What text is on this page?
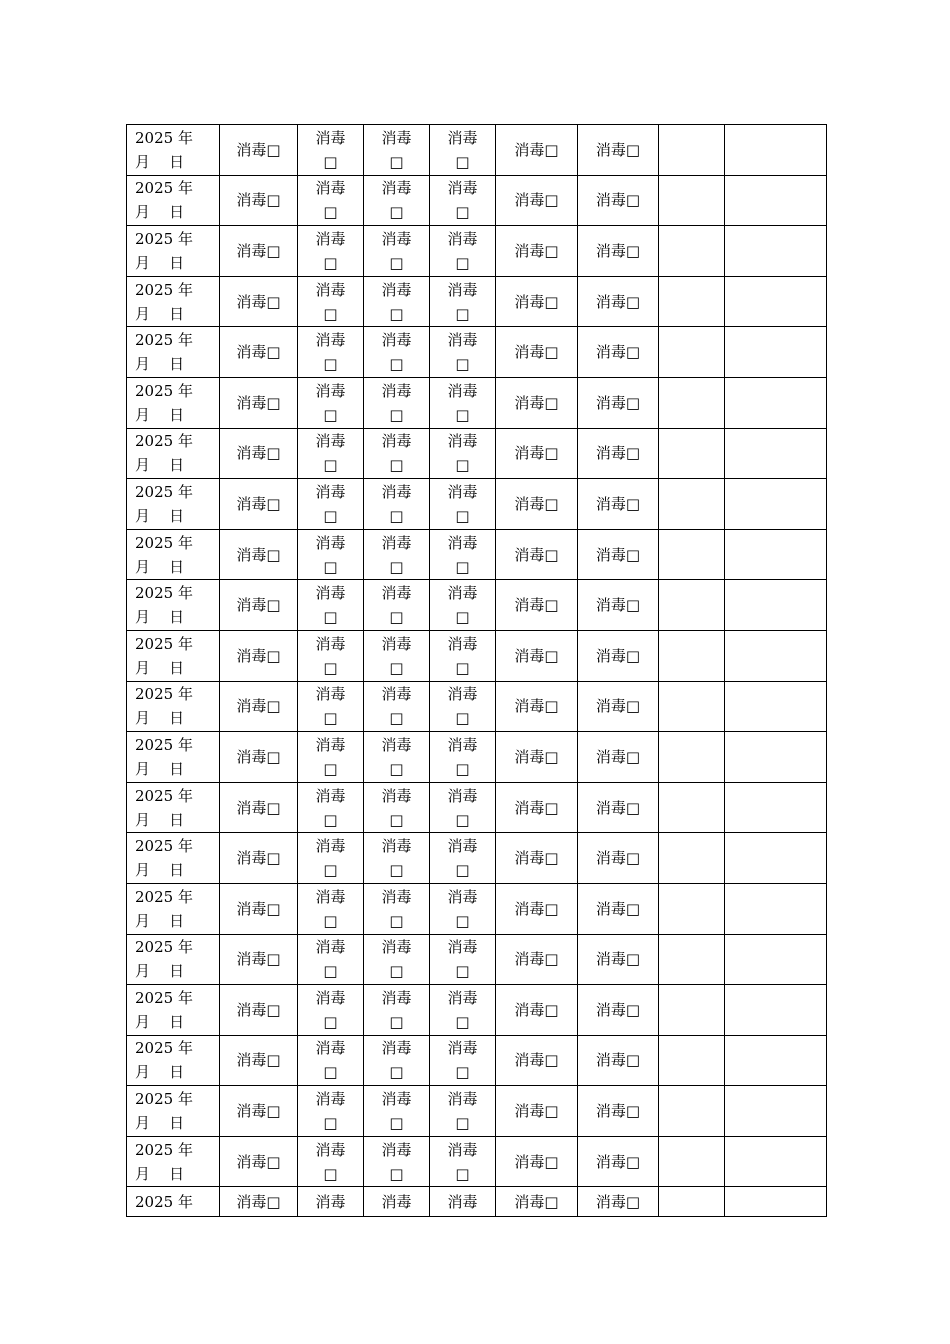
2025 年
月    日	消毒□	消毒□	消毒□	消毒□	消毒□	消毒□		

2025 年
月    日	消毒□	消毒□	消毒□	消毒□	消毒□	消毒□		

2025 年
月    日	消毒□	消毒□	消毒□	消毒□	消毒□	消毒□		

2025 年
月    日	消毒□	消毒□	消毒□	消毒□	消毒□	消毒□		

2025 年
月    日	消毒□	消毒□	消毒□	消毒□	消毒□	消毒□		

2025 年
月    日	消毒□	消毒□	消毒□	消毒□	消毒□	消毒□		

2025 年
月    日	消毒□	消毒□	消毒□	消毒□	消毒□	消毒□		

2025 年
月    日	消毒□	消毒□	消毒□	消毒□	消毒□	消毒□		

2025 年
月    日	消毒□	消毒□	消毒□	消毒□	消毒□	消毒□		

2025 年
月    日	消毒□	消毒□	消毒□	消毒□	消毒□	消毒□		

2025 年
月    日	消毒□	消毒□	消毒□	消毒□	消毒□	消毒□		

2025 年
月    日	消毒□	消毒□	消毒□	消毒□	消毒□	消毒□		

2025 年
月    日	消毒□	消毒□	消毒□	消毒□	消毒□	消毒□		

2025 年
月    日	消毒□	消毒□	消毒□	消毒□	消毒□	消毒□		

2025 年
月    日	消毒□	消毒□	消毒□	消毒□	消毒□	消毒□		

2025 年
月    日	消毒□	消毒□	消毒□	消毒□	消毒□	消毒□		

2025 年
月    日	消毒□	消毒□	消毒□	消毒□	消毒□	消毒□		

2025 年
月    日	消毒□	消毒□	消毒□	消毒□	消毒□	消毒□		

2025 年
月    日	消毒□	消毒□	消毒□	消毒□	消毒□	消毒□		

2025 年
月    日	消毒□	消毒□	消毒□	消毒□	消毒□	消毒□		

2025 年
月    日	消毒□	消毒□	消毒□	消毒□	消毒□	消毒□		

2025 年	消毒□	消毒	消毒	消毒	消毒□	消毒□		
